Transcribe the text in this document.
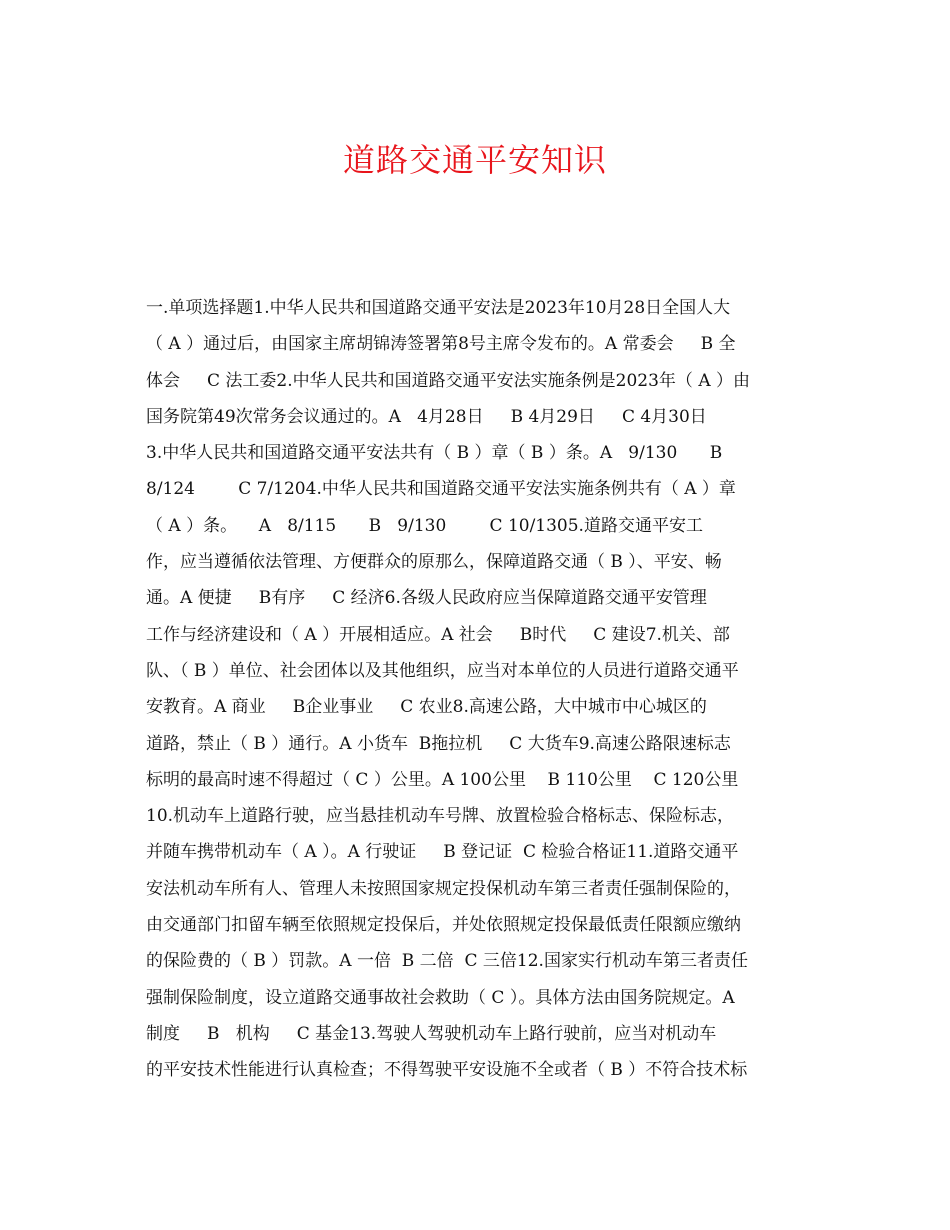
道路交通平安知识
一.单项选择题1.中华人民共和国道路交通平安法是2023年10月28日全国人大
（ A ）通过后，由国家主席胡锦涛签署第8号主席令发布的。A 常委会     B 全
体会     C 法工委2.中华人民共和国道路交通平安法实施条例是2023年（ A ）由
国务院第49次常务会议通过的。A   4月28日     B 4月29日     C 4月30日
3.中华人民共和国道路交通平安法共有（ B ）章（ B ）条。A   9/130      B
8/124        C 7/1204.中华人民共和国道路交通平安法实施条例共有（ A ）章
（ A ）条。    A   8/115      B   9/130        C 10/1305.道路交通平安工
作，应当遵循依法管理、方便群众的原那么，保障道路交通（ B ）、平安、畅
通。A 便捷     B有序     C 经济6.各级人民政府应当保障道路交通平安管理
工作与经济建设和（ A ）开展相适应。A 社会     B时代     C 建设7.机关、部
队、（ B ）单位、社会团体以及其他组织，应当对本单位的人员进行道路交通平
安教育。A 商业     B企业事业     C 农业8.高速公路，大中城市中心城区的
道路，禁止（ B ）通行。A 小货车  B拖拉机     C 大货车9.高速公路限速标志
标明的最高时速不得超过（ C ）公里。A 100公里    B 110公里    C 120公里
10.机动车上道路行驶，应当悬挂机动车号牌、放置检验合格标志、保险标志，
并随车携带机动车（ A ）。A 行驶证     B 登记证  C 检验合格证11.道路交通平
安法机动车所有人、管理人未按照国家规定投保机动车第三者责任强制保险的，
由交通部门扣留车辆至依照规定投保后，并处依照规定投保最低责任限额应缴纳
的保险费的（ B ）罚款。A 一倍  B 二倍  C 三倍12.国家实行机动车第三者责任
强制保险制度，设立道路交通事故社会救助（ C ）。具体方法由国务院规定。A
制度     B   机构     C 基金13.驾驶人驾驶机动车上路行驶前，应当对机动车
的平安技术性能进行认真检查；不得驾驶平安设施不全或者（ B ）不符合技术标
